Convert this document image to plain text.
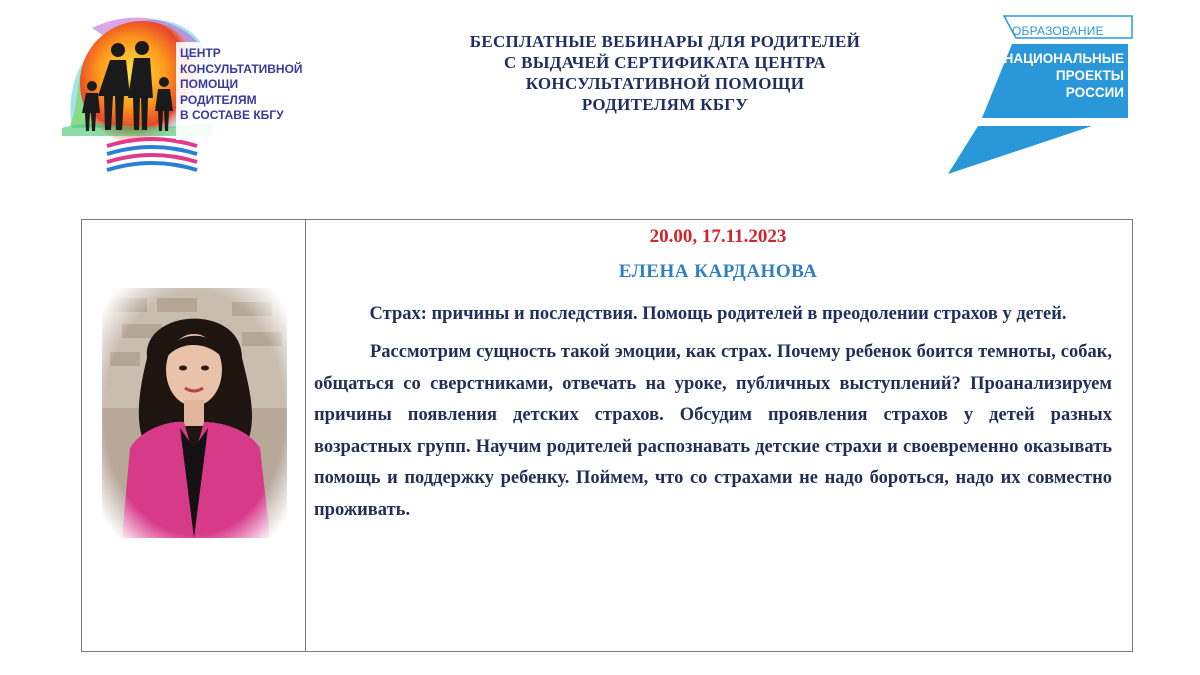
ЦЕНТР
КОНСУЛЬТАТИВНОЙ
ПОМОЩИ
РОДИТЕЛЯМ
В СОСТАВЕ КБГУ
БЕСПЛАТНЫЕ ВЕБИНАРЫ ДЛЯ РОДИТЕЛЕЙ
С ВЫДАЧЕЙ СЕРТИФИКАТА ЦЕНТРА
КОНСУЛЬТАТИВНОЙ ПОМОЩИ
РОДИТЕЛЯМ КБГУ
ОБРАЗОВАНИЕ
НАЦИОНАЛЬНЫЕ
ПРОЕКТЫ
РОССИИ
20.00, 17.11.2023
ЕЛЕНА КАРДАНОВА
Страх: причины и последствия. Помощь родителей в преодолении страхов у детей.
Рассмотрим сущность такой эмоции, как страх. Почему ребенок боится темноты, собак, общаться со сверстниками, отвечать на уроке, публичных выступлений? Проанализируем причины появления детских страхов. Обсудим проявления страхов у детей разных возрастных групп. Научим родителей распознавать детские страхи и своевременно оказывать помощь и поддержку ребенку. Поймем, что со страхами не надо бороться, надо их совместно проживать.
